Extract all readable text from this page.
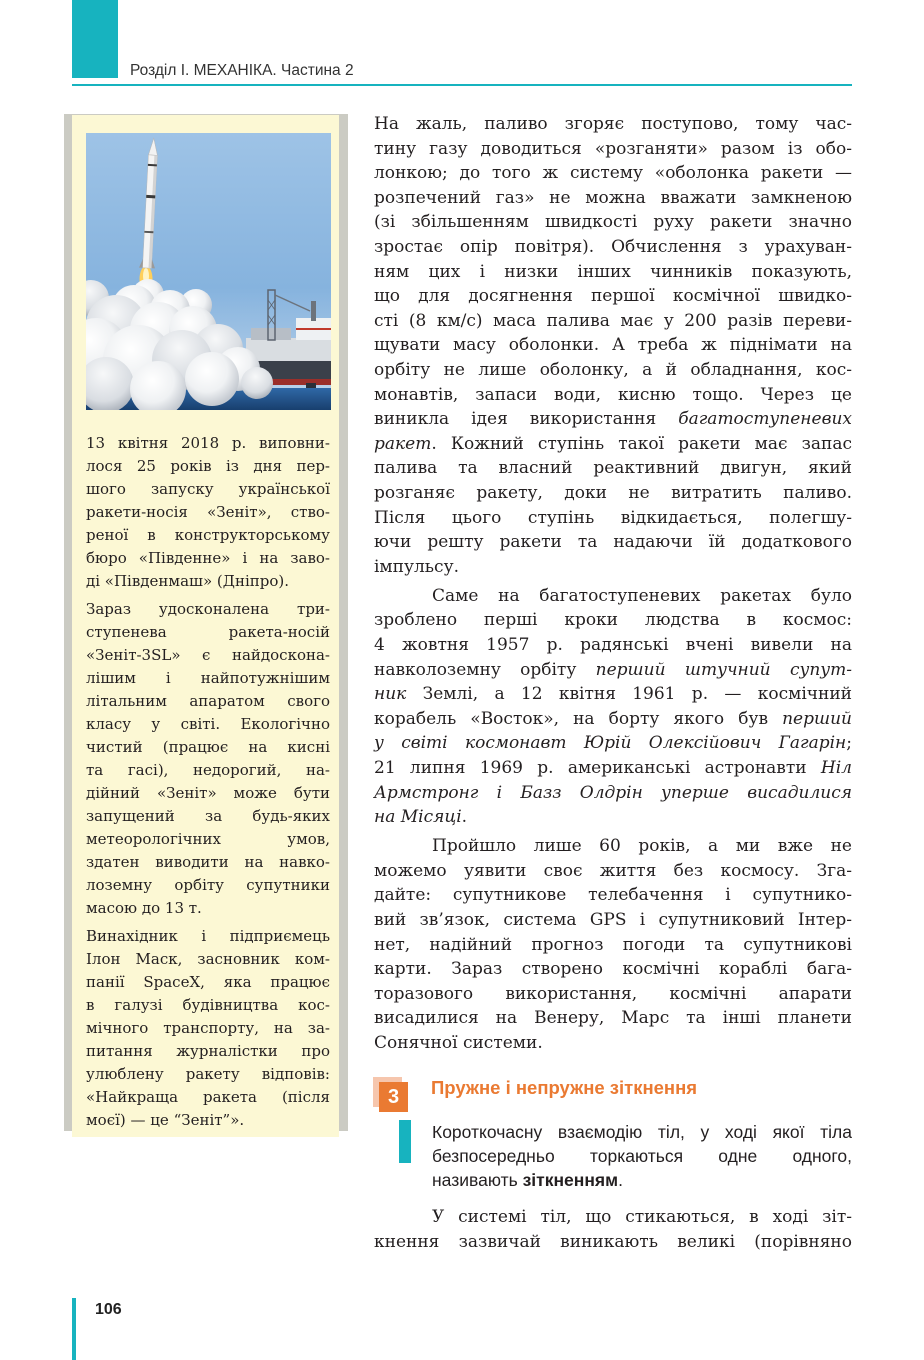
Розділ І. МЕХАНІКА. Частина 2
13 квітня 2018 р. виповни-
лося 25 років із дня пер-
шого запуску української
ракети-носія «Зеніт», ство-
реної в конструкторському
бюро «Південне» і на заво-
ді «Південмаш» (Дніпро).
Зараз удосконалена три-
ступенева ракета-носій
«Зеніт-3SL» є найдоскона-
лішим і найпотужнішим
літальним апаратом свого
класу у світі. Екологічно
чистий (працює на кисні
та гасі), недорогий, на-
дійний «Зеніт» може бути
запущений за будь-яких
метеорологічних умов,
здатен виводити на навко-
лоземну орбіту супутники
масою до 13 т.
Винахідник і підприємець
Ілон Маск, засновник ком-
панії SpaceX, яка працює
в галузі будівництва кос-
мічного транспорту, на за-
питання журналістки про
улюблену ракету відповів:
«Найкраща ракета (після
моєї) — це “Зеніт”».
На жаль, паливо згоряє поступово, тому час-
тину газу доводиться «розганяти» разом із обо-
лонкою; до того ж систему «оболонка ракети —
розпечений газ» не можна вважати замкненою
(зі збільшенням швидкості руху ракети значно
зростає опір повітря). Обчислення з урахуван-
ням цих і низки інших чинників показують,
що для досягнення першої космічної швидко-
сті (8 км/с) маса палива має у 200 разів переви-
щувати масу оболонки. А треба ж піднімати на
орбіту не лише оболонку, а й обладнання, кос-
монавтів, запаси води, кисню тощо. Через це
виникла ідея використання багатоступеневих
ракет. Кожний ступінь такої ракети має запас
палива та власний реактивний двигун, який
розганяє ракету, доки не витратить паливо.
Після цього ступінь відкидається, полегшу-
ючи решту ракети та надаючи їй додаткового
імпульсу.
Саме на багатоступеневих ракетах було
зроблено перші кроки людства в космос:
4 жовтня 1957 р. радянські вчені вивели на
навколоземну орбіту перший штучний супут-
ник Землі, а 12 квітня 1961 р. — космічний
корабель «Восток», на борту якого був перший
у світі космонавт Юрій Олексійович Гагарін;
21 липня 1969 р. американські астронавти Ніл
Армстронг і Базз Олдрін уперше висадилися
на Місяці.
Пройшло лише 60 років, а ми вже не
можемо уявити своє життя без космосу. Зга-
дайте: супутникове телебачення і супутнико-
вий зв’язок, система GPS і супутниковий Інтер-
нет, надійний прогноз погоди та супутникові
карти. Зараз створено космічні кораблі бага-
торазового використання, космічні апарати
висадилися на Венеру, Марс та інші планети
Сонячної системи.
3	Пружне і непружне зіткнення
Короткочасну взаємодію тіл, у ході якої тіла
безпосередньо торкаються одне одного,
називають зіткненням.
У системі тіл, що стикаються, в ході зіт-
кнення зазвичай виникають великі (порівняно
106
